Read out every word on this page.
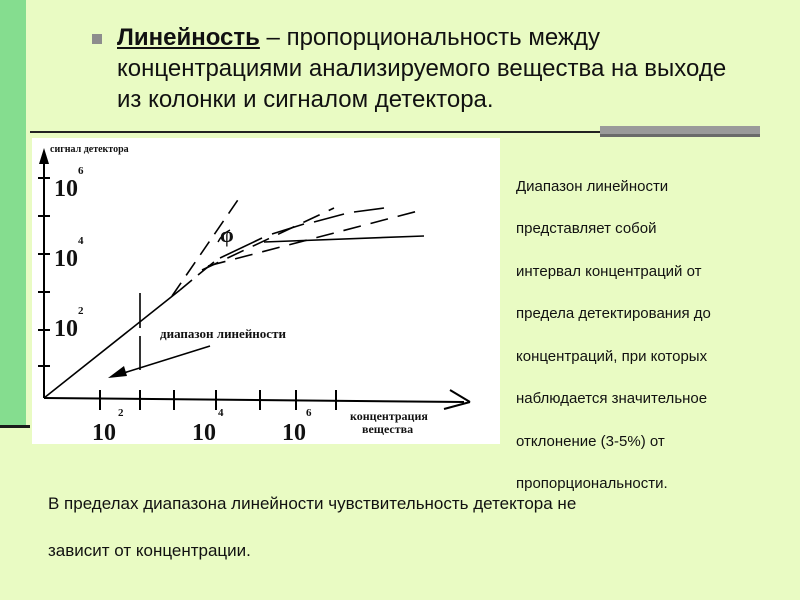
Линейность – пропорциональность между концентрациями анализируемого вещества на выходе из колонки и сигналом детектора.
сигнал детектора
10
6
10
4
10
2
10
2
10
4
10
6	концентрация
вещества
φ
диапазон линейности
Диапазон линейности
представляет собой
интервал концентраций от
предела детектирования до
концентраций, при которых
наблюдается значительное
отклонение (3-5%) от
пропорциональности.
В пределах диапазона линейности чувствительность детектора не
зависит от концентрации.
